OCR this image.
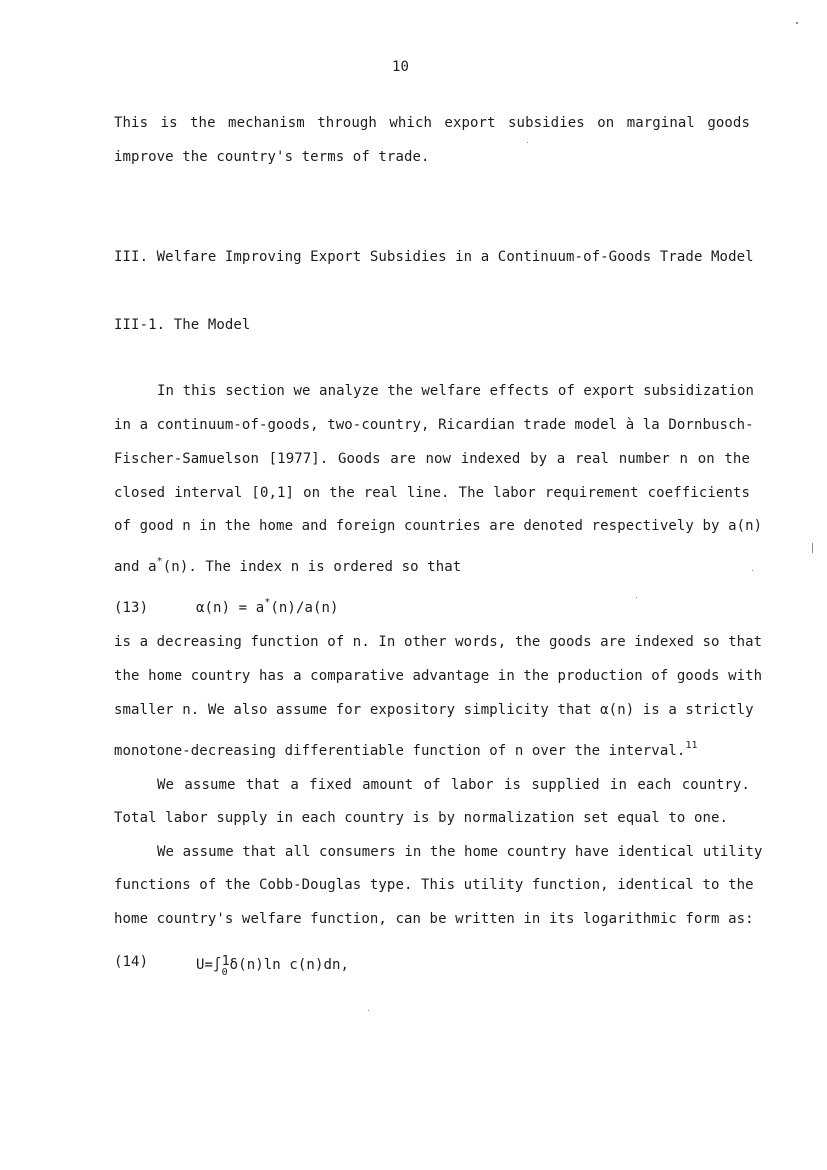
10
This is the mechanism through which export subsidies on marginal goods
improve the country's terms of trade.
III. Welfare Improving Export Subsidies in a Continuum-of-Goods Trade Model
III-1. The Model
In this section we analyze the welfare effects of export subsidization
in a continuum-of-goods, two-country, Ricardian trade model à la Dornbusch-
Fischer-Samuelson [1977]. Goods are now indexed by a real number n on the
closed interval [0,1] on the real line. The labor requirement coefficients
of good n in the home and foreign countries are denoted respectively by a(n)
and a*(n). The index n is ordered so that
(13)	α(n) = a*(n)/a(n)
is a decreasing function of n. In other words, the goods are indexed so that
the home country has a comparative advantage in the production of goods with
smaller n. We also assume for expository simplicity that α(n) is a strictly
monotone-decreasing differentiable function of n over the interval.$^{11}$
We assume that a fixed amount of labor is supplied in each country.
Total labor supply in each country is by normalization set equal to one.
We assume that all consumers in the home country have identical utility
functions of the Cobb-Douglas type. This utility function, identical to the
home country's welfare function, can be written in its logarithmic form as:
(14)	$U=\int_01\delta(n)\ln$ c(n)dn,
